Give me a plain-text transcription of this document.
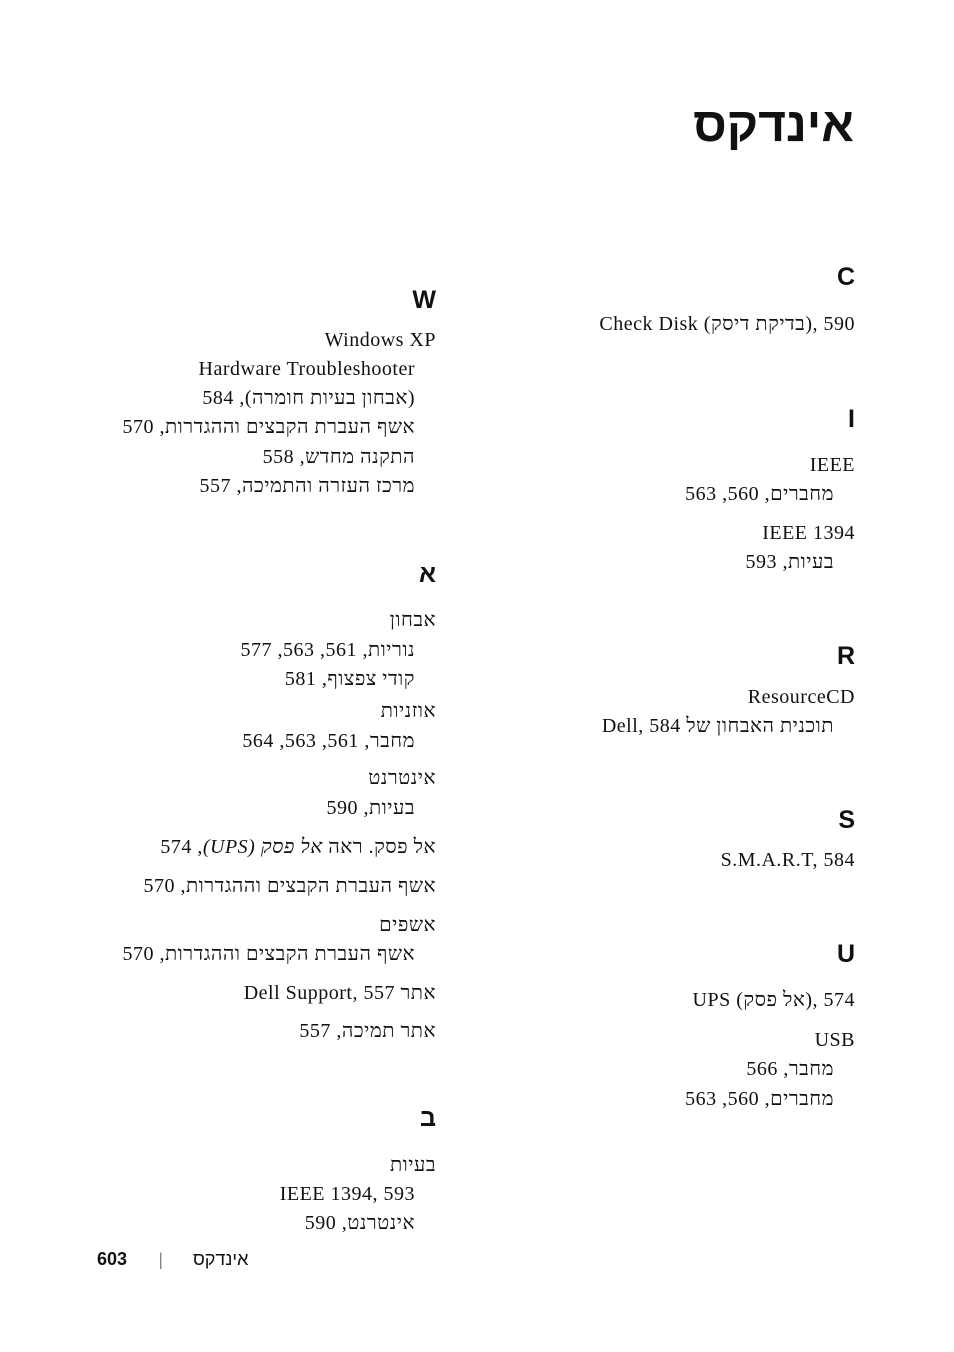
אינדקס
W
Windows XP
Hardware Troubleshooter
(אבחון בעיות חומרה), 584
אשף העברת הקבצים וההגדרות, 570
התקנה מחדש, 558
מרכז העזרה והתמיכה, 557
א
אבחון
נוריות, 561, 563, 577
קודי צפצוף, 581
אוזניות
מחבר, 561, 563, 564
אינטרנט
בעיות, 590
אל פסק. ראה אל פסק (UPS), 574
אשף העברת הקבצים וההגדרות, 570
אשפים
אשף העברת הקבצים וההגדרות, 570
אתר Dell Support, 557
אתר תמיכה, 557
ב
בעיות
IEEE 1394, 593
אינטרנט, 590
C
Check Disk (בדיקת דיסק), 590
I
IEEE
מחברים, 560, 563
IEEE 1394
בעיות, 593
R
ResourceCD
תוכנית האבחון של Dell, 584
S
S.M.A.R.T, 584
U
UPS (אל פסק), 574
USB
מחבר, 566
מחברים, 560, 563
603 | אינדקס
